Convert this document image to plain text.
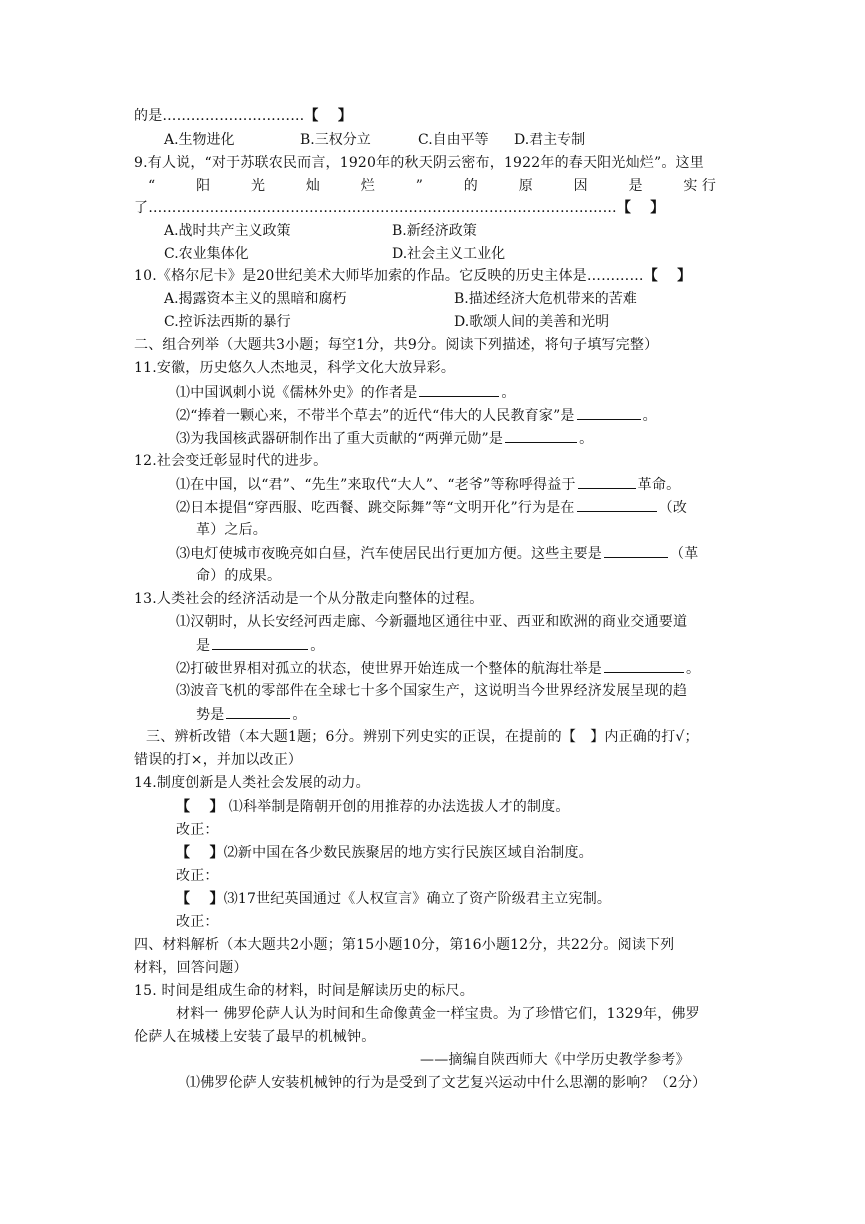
的是…………………………【　 】
A.生物进化	B.三权分立	C.自由平等 D.君主专制
9.有人说，“对于苏联农民而言，1920年的秋天阴云密布，1922年的春天阳光灿烂”。这里
“	阳	光	灿	烂	”	的	原	因	是	实 行
了………………………………………………………………………………………【　 】
A.战时共产主义政策	B.新经济政策
C.农业集体化	D.社会主义工业化
10.《格尔尼卡》是20世纪美术大师毕加索的作品。它反映的历史主体是…………【　 】
A.揭露资本主义的黑暗和腐朽	B.描述经济大危机带来的苦难
C.控诉法西斯的暴行	D.歌颂人间的美善和光明
二、组合列举（大题共3小题；每空1分，共9分。阅读下列描述，将句子填写完整）
11.安徽，历史悠久人杰地灵，科学文化大放异彩。
⑴中国讽刺小说《儒林外史》的作者是	。
⑵“捧着一颗心来，不带半个草去”的近代“伟大的人民教育家”是	。
⑶为我国核武器研制作出了重大贡献的“两弹元勋”是	。
12.社会变迁彰显时代的进步。
⑴在中国，以“君”、“先生”来取代“大人”、“老爷”等称呼得益于	革命。
⑵日本提倡“穿西服、吃西餐、跳交际舞”等“文明开化”行为是在	（改
革）之后。
⑶电灯使城市夜晚亮如白昼，汽车使居民出行更加方便。这些主要是	（革
命）的成果。
13.人类社会的经济活动是一个从分散走向整体的过程。
⑴汉朝时，从长安经河西走廊、今新疆地区通往中亚、西亚和欧洲的商业交通要道
是	。
⑵打破世界相对孤立的状态，使世界开始连成一个整体的航海壮举是	。
⑶波音飞机的零部件在全球七十多个国家生产，这说明当今世界经济发展呈现的趋
势是	。
三、辨析改错（本大题1题；6分。辨别下列史实的正误，在提前的【　】内正确的打√；
错误的打×，并加以改正）
14.制度创新是人类社会发展的动力。
【　 】 ⑴科举制是隋朝开创的用推荐的办法选拔人才的制度。
改正：
【　 】⑵新中国在各少数民族聚居的地方实行民族区域自治制度。
改正：
【　 】⑶17世纪英国通过《人权宣言》确立了资产阶级君主立宪制。
改正：
四、材料解析（本大题共2小题；第15小题10分，第16小题12分，共22分。阅读下列
材料，回答问题）
15. 时间是组成生命的材料，时间是解读历史的标尺。
材料一 佛罗伦萨人认为时间和生命像黄金一样宝贵。为了珍惜它们，1329年，佛罗
伦萨人在城楼上安装了最早的机械钟。
——摘编自陕西师大《中学历史教学参考》
⑴佛罗伦萨人安装机械钟的行为是受到了文艺复兴运动中什么思潮的影响？（2分）
